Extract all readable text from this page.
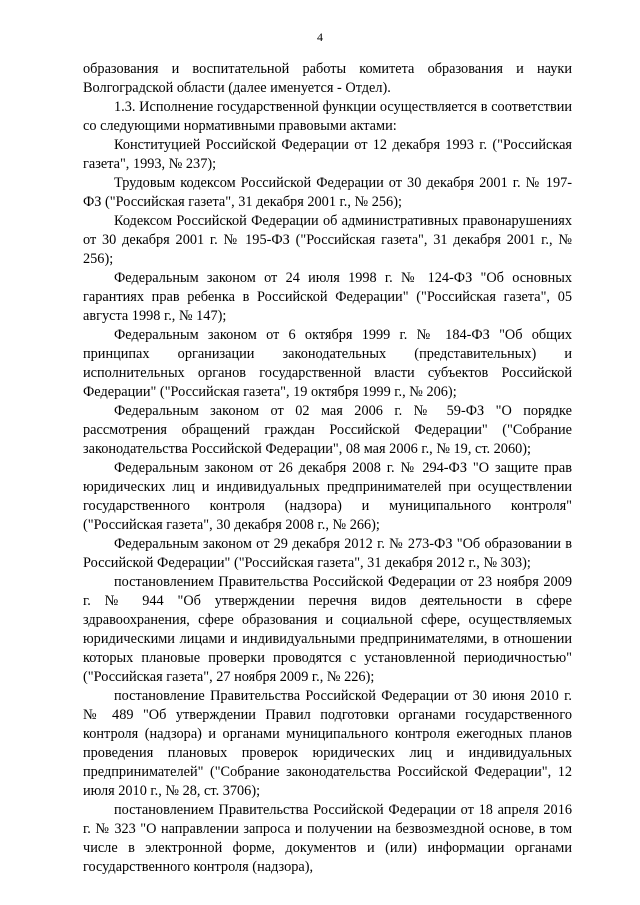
4

образования и воспитательной работы комитета образования и науки Волгоградской области (далее именуется - Отдел).

1.3. Исполнение государственной функции осуществляется в соответствии со следующими нормативными правовыми актами:

Конституцией Российской Федерации от 12 декабря 1993 г. ("Российская газета", 1993, № 237);

Трудовым кодексом Российской Федерации от 30 декабря 2001 г. № 197-ФЗ ("Российская газета", 31 декабря 2001 г., № 256);

Кодексом Российской Федерации об административных правонарушениях от 30 декабря 2001 г. № 195-ФЗ ("Российская газета", 31 декабря 2001 г., № 256);

Федеральным законом от 24 июля 1998 г. № 124-ФЗ "Об основных гарантиях прав ребенка в Российской Федерации" ("Российская газета", 05 августа 1998 г., № 147);

Федеральным законом от 6 октября 1999 г. № 184-ФЗ "Об общих принципах организации законодательных (представительных) и исполнительных органов государственной власти субъектов Российской Федерации" ("Российская газета", 19 октября 1999 г., № 206);

Федеральным законом от 02 мая 2006 г. № 59-ФЗ "О порядке рассмотрения обращений граждан Российской Федерации" ("Собрание законодательства Российской Федерации", 08 мая 2006 г., № 19, ст. 2060);

Федеральным законом от 26 декабря 2008 г. № 294-ФЗ "О защите прав юридических лиц и индивидуальных предпринимателей при осуществлении государственного контроля (надзора) и муниципального контроля" ("Российская газета", 30 декабря 2008 г., № 266);

Федеральным законом от 29 декабря 2012 г. № 273-ФЗ "Об образовании в Российской Федерации" ("Российская газета", 31 декабря 2012 г., № 303);

постановлением Правительства Российской Федерации от 23 ноября 2009 г. № 944 "Об утверждении перечня видов деятельности в сфере здравоохранения, сфере образования и социальной сфере, осуществляемых юридическими лицами и индивидуальными предпринимателями, в отношении которых плановые проверки проводятся с установленной периодичностью" ("Российская газета", 27 ноября 2009 г., № 226);

постановление Правительства Российской Федерации от 30 июня 2010 г. № 489 "Об утверждении Правил подготовки органами государственного контроля (надзора) и органами муниципального контроля ежегодных планов проведения плановых проверок юридических лиц и индивидуальных предпринимателей" ("Собрание законодательства Российской Федерации", 12 июля 2010 г., № 28, ст. 3706);

постановлением Правительства Российской Федерации от 18 апреля 2016 г. № 323 "О направлении запроса и получении на безвозмездной основе, в том числе в электронной форме, документов и (или) информации органами государственного контроля (надзора),
